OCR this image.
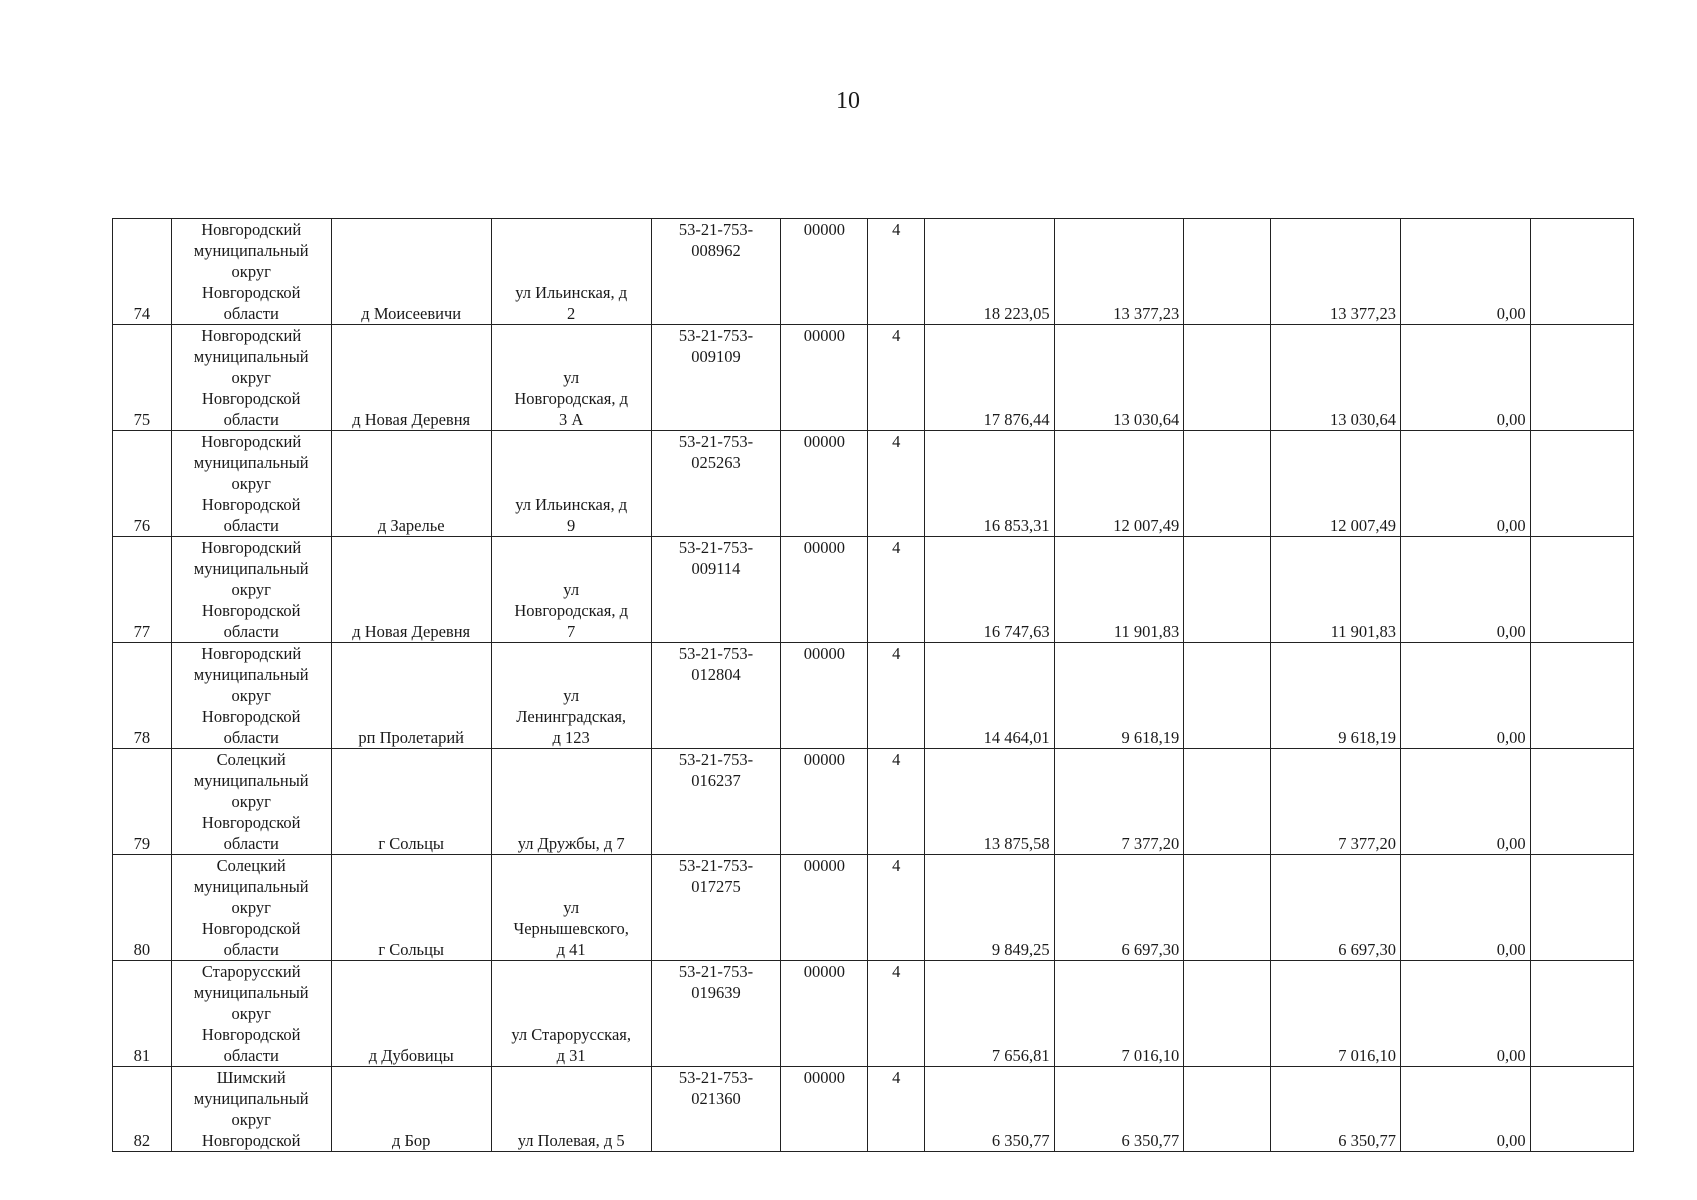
10
74	Новгородский
муниципальный
округ
Новгородской
области	д Моисеевичи	ул Ильинская, д
2	53-21-753-
008962	00000	4	18 223,05	13 377,23		13 377,23	0,00	
75	Новгородский
муниципальный
округ
Новгородской
области	д Новая Деревня	ул
Новгородская, д
3 А	53-21-753-
009109	00000	4	17 876,44	13 030,64		13 030,64	0,00	
76	Новгородский
муниципальный
округ
Новгородской
области	д Зарелье	ул Ильинская, д
9	53-21-753-
025263	00000	4	16 853,31	12 007,49		12 007,49	0,00	
77	Новгородский
муниципальный
округ
Новгородской
области	д Новая Деревня	ул
Новгородская, д
7	53-21-753-
009114	00000	4	16 747,63	11 901,83		11 901,83	0,00	
78	Новгородский
муниципальный
округ
Новгородской
области	рп Пролетарий	ул
Ленинградская,
д 123	53-21-753-
012804	00000	4	14 464,01	9 618,19		9 618,19	0,00	
79	Солецкий
муниципальный
округ
Новгородской
области	г Сольцы	ул Дружбы, д 7	53-21-753-
016237	00000	4	13 875,58	7 377,20		7 377,20	0,00	
80	Солецкий
муниципальный
округ
Новгородской
области	г Сольцы	ул
Чернышевского,
д 41	53-21-753-
017275	00000	4	9 849,25	6 697,30		6 697,30	0,00	
81	Старорусский
муниципальный
округ
Новгородской
области	д Дубовицы	ул Старорусская,
д 31	53-21-753-
019639	00000	4	7 656,81	7 016,10		7 016,10	0,00	
82	Шимский
муниципальный
округ
Новгородской	д Бор	ул Полевая, д 5	53-21-753-
021360	00000	4	6 350,77	6 350,77		6 350,77	0,00	
